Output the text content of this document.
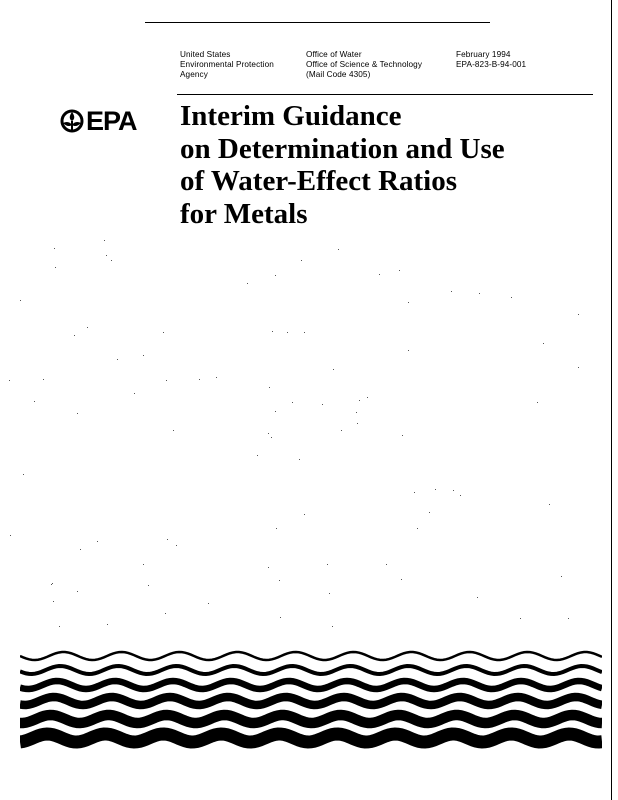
United States
Environmental Protection
Agency
Office of Water
Office of Science & Technology
(Mail Code 4305)
February 1994
EPA-823-B-94-001
EPA Interim Guidance
on Determination and Use
of Water-Effect Ratios
for Metals
